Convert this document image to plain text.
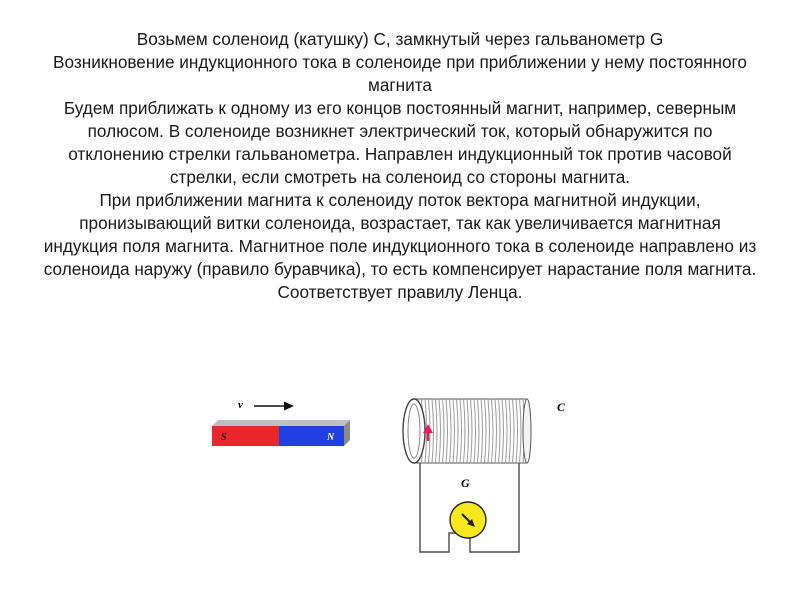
Возьмем соленоид (катушку) С, замкнутый через гальванометр G

Возникновение индукционного тока в соленоиде при приближении у нему постоянного магнита

Будем приближать к одному из его концов постоянный магнит, например, северным полюсом. В соленоиде возникнет электрический ток, который обнаружится по отклонению стрелки гальванометра. Направлен индукционный ток против часовой стрелки, если смотреть на соленоид со стороны магнита.

При приближении магнита к соленоиду поток вектора магнитной индукции, пронизывающий витки соленоида, возрастает, так как увеличивается магнитная индукция поля магнита. Магнитное поле индукционного тока в соленоиде направлено из соленоида наружу (правило буравчика), то есть компенсирует нарастание поля магнита. Соответствует правилу Ленца.

v
S	N
C
G
